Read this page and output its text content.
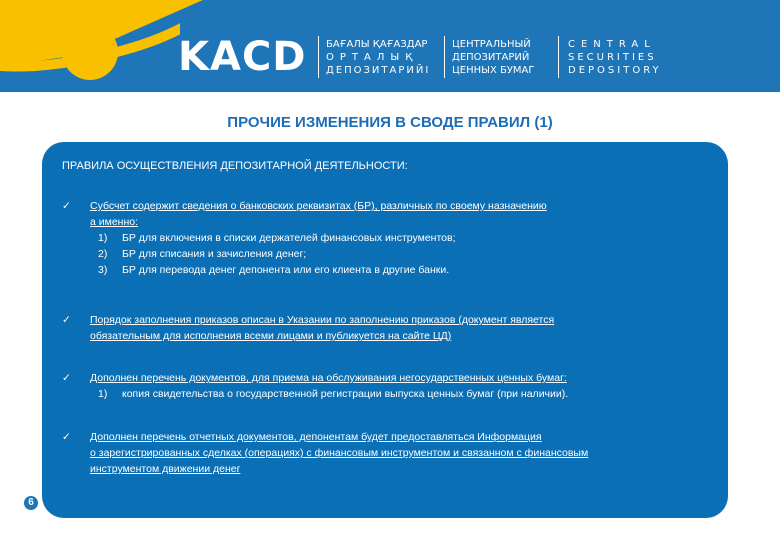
KACD БАҒАЛЫ ҚАҒАЗДАР
ОРТАЛЫҚ
ДЕПОЗИТАРИЙІ
ЦЕНТРАЛЬНЫЙ
ДЕПОЗИТАРИЙ
ЦЕННЫХ БУМАГ
CENTRAL
SECURITIES
DEPOSITORY
ПРОЧИЕ ИЗМЕНЕНИЯ В СВОДЕ ПРАВИЛ (1)
ПРАВИЛА ОСУЩЕСТВЛЕНИЯ ДЕПОЗИТАРНОЙ ДЕЯТЕЛЬНОСТИ:
✓	Субсчет содержит сведения о банковских реквизитах (БР), различных по своему назначению
а именно:
1) БР для включения в списки держателей финансовых инструментов;
2) БР для списания и зачисления денег;
3) БР для перевода денег депонента или его клиента в другие банки.
✓	Порядок заполнения приказов описан в Указании по заполнению приказов (документ является
обязательным для исполнения всеми лицами и публикуется на сайте ЦД)
✓	Дополнен перечень документов, для приема на обслуживания негосударственных ценных бумаг:
1) копия свидетельства о государственной регистрации выпуска ценных бумаг (при наличии).
✓	Дополнен перечень отчетных документов, депонентам будет предоставляться Информация
о зарегистрированных сделках (операциях) с финансовым инструментом и связанном с финансовым
инструментом движении денег
6
